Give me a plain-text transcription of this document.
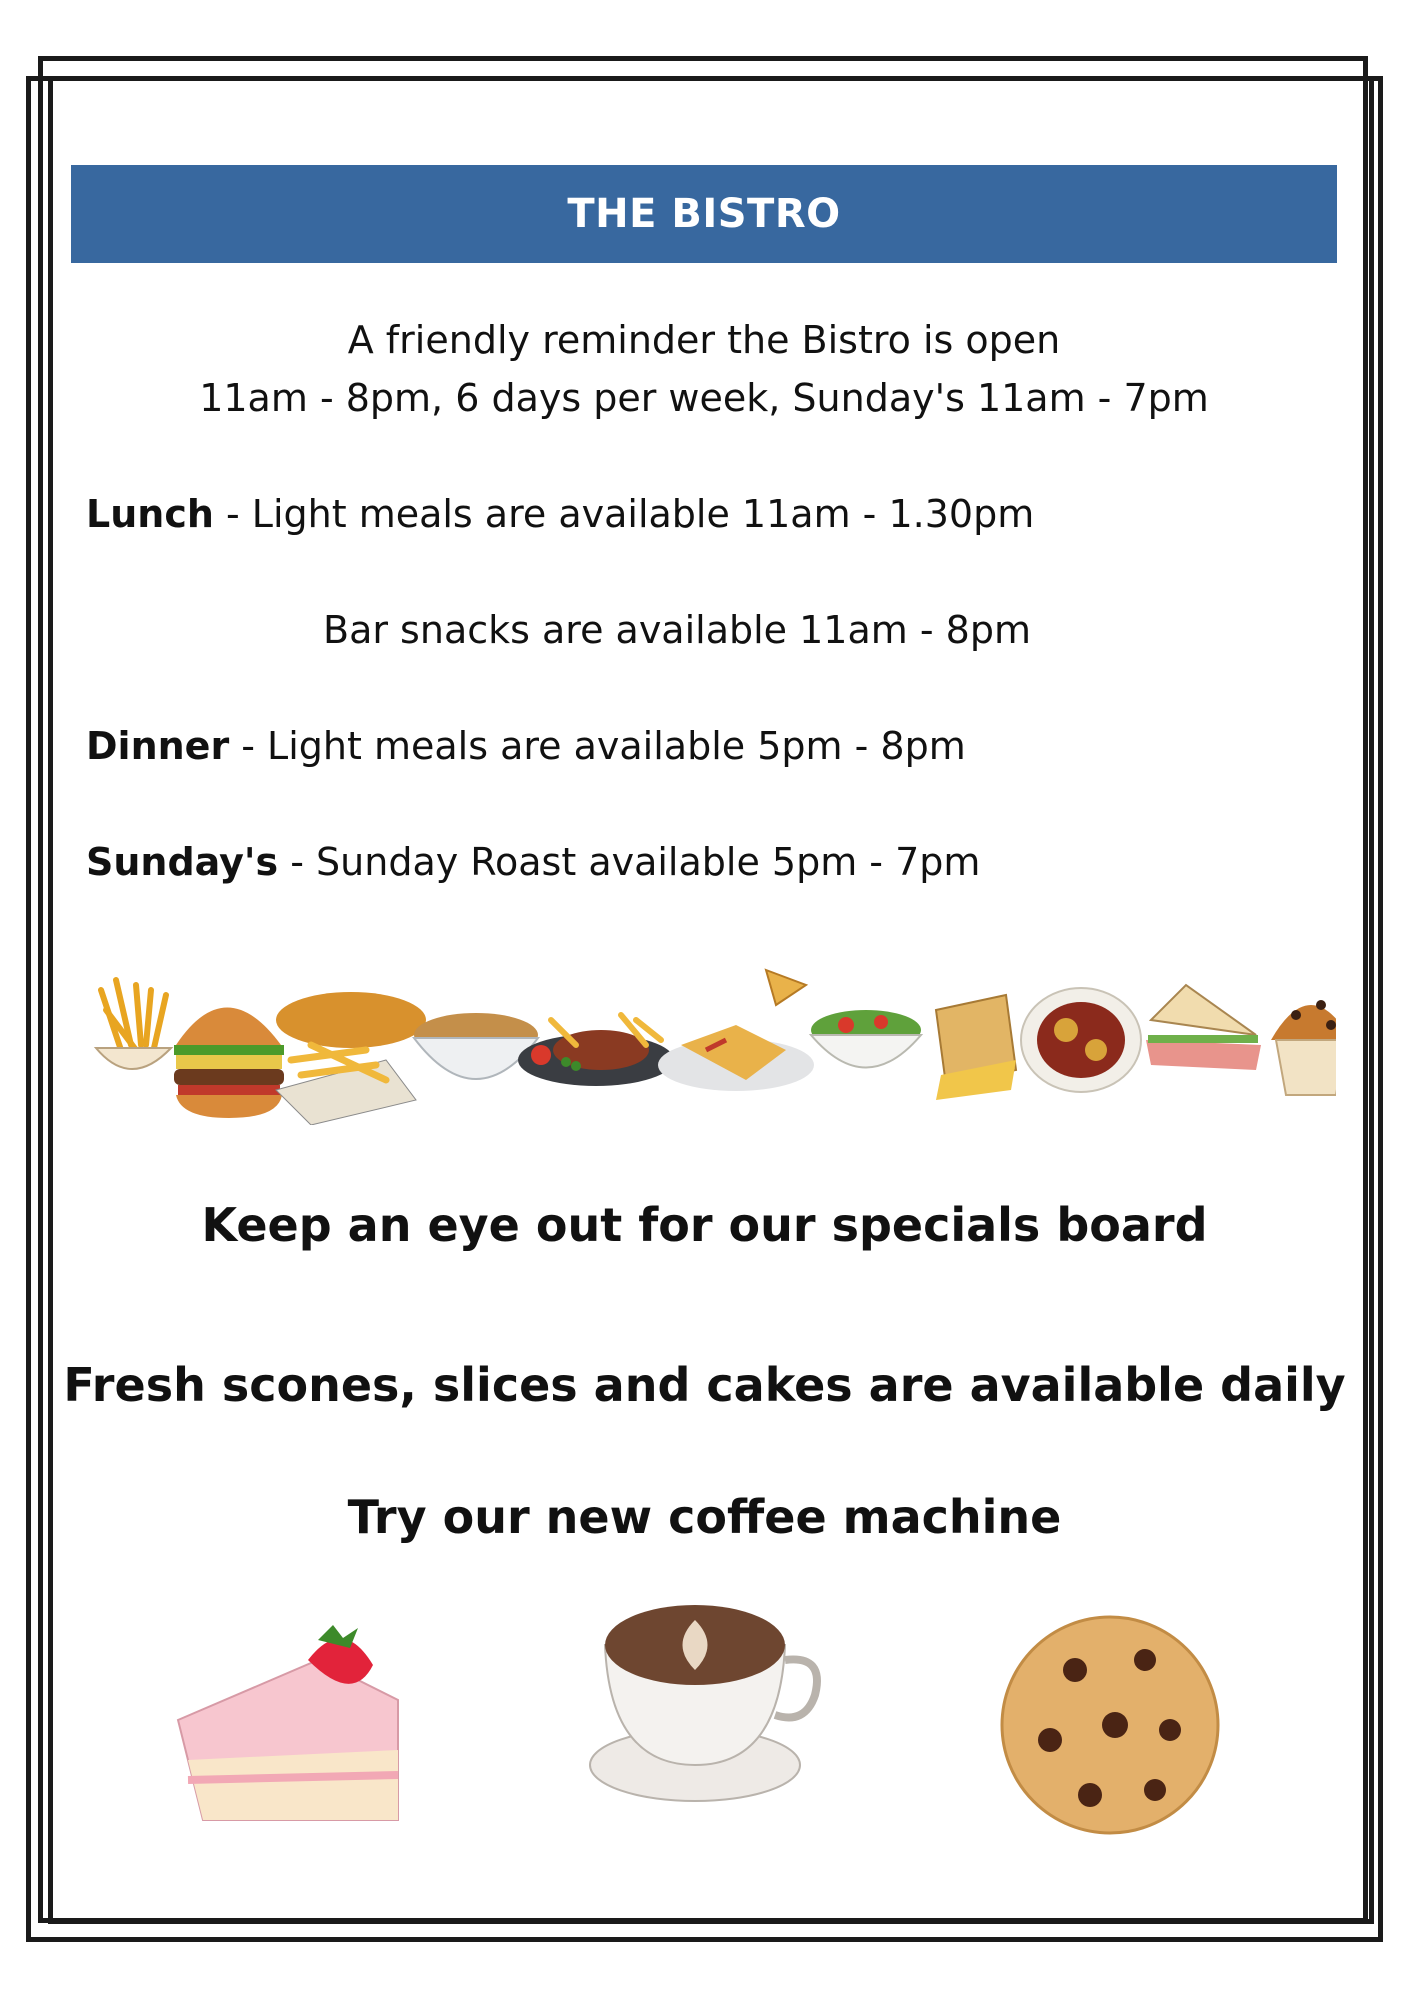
THE BISTRO
A friendly reminder the Bistro is open
11am - 8pm, 6 days per week, Sunday's 11am - 7pm
Lunch - Light meals are available 11am - 1.30pm
Bar snacks are available 11am - 8pm
Dinner - Light meals are available 5pm - 8pm
Sunday's - Sunday Roast available 5pm - 7pm
Keep an eye out for our specials board
Fresh scones, slices and cakes are available daily
Try our new coffee machine
